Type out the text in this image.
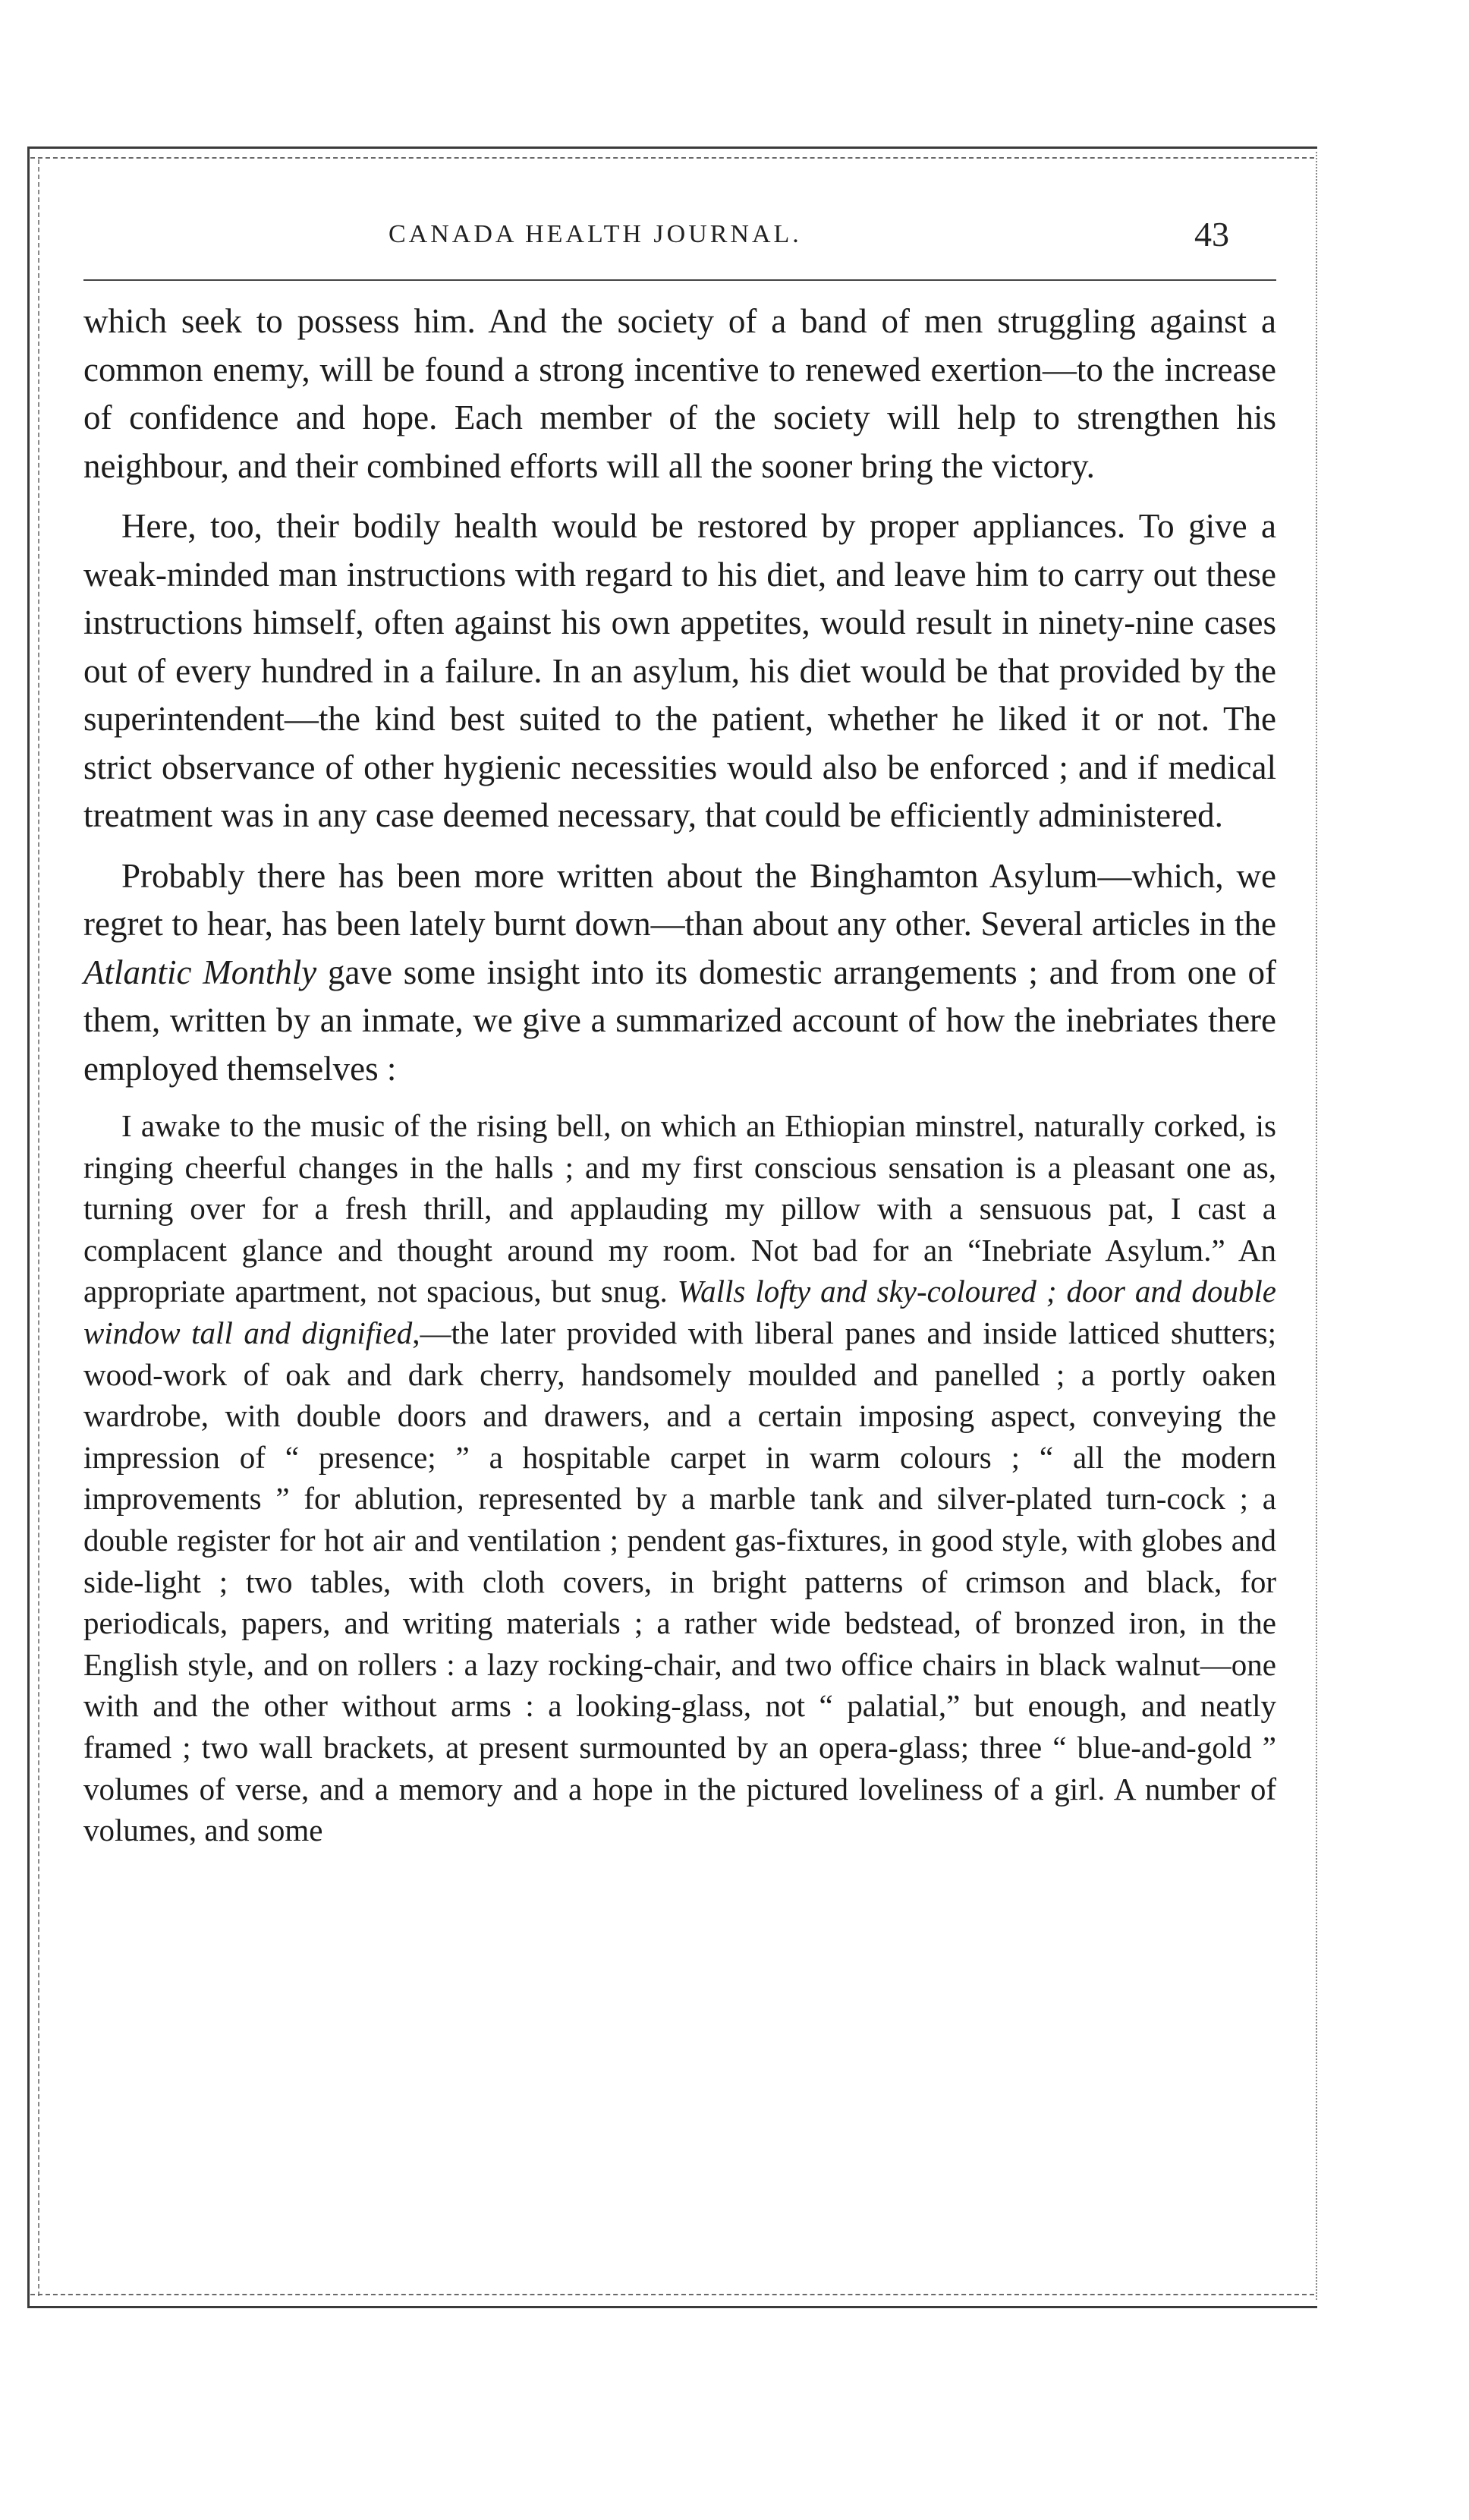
CANADA HEALTH JOURNAL.	43

which seek to possess him. And the society of a band of men struggling against a common enemy, will be found a strong incentive to renewed exertion—to the increase of confidence and hope. Each member of the society will help to strengthen his neighbour, and their combined efforts will all the sooner bring the victory.

Here, too, their bodily health would be restored by proper appliances. To give a weak-minded man instructions with regard to his diet, and leave him to carry out these instructions himself, often against his own appetites, would result in ninety-nine cases out of every hundred in a failure. In an asylum, his diet would be that provided by the superintendent—the kind best suited to the patient, whether he liked it or not. The strict observance of other hygienic necessities would also be enforced ; and if medical treatment was in any case deemed necessary, that could be efficiently administered.

Probably there has been more written about the Binghamton Asylum—which, we regret to hear, has been lately burnt down—than about any other. Several articles in the Atlantic Monthly gave some insight into its domestic arrangements ; and from one of them, written by an inmate, we give a summarized account of how the inebriates there employed themselves :

I awake to the music of the rising bell, on which an Ethiopian minstrel, naturally corked, is ringing cheerful changes in the halls ; and my first conscious sensation is a pleasant one as, turning over for a fresh thrill, and applauding my pillow with a sensuous pat, I cast a complacent glance and thought around my room. Not bad for an “Inebriate Asylum.” An appropriate apartment, not spacious, but snug. Walls lofty and sky-coloured ; door and double window tall and dignified,—the later provided with liberal panes and inside latticed shutters; wood-work of oak and dark cherry, handsomely moulded and panelled ; a portly oaken wardrobe, with double doors and drawers, and a certain imposing aspect, conveying the impression of “ presence; ” a hospitable carpet in warm colours ; “ all the modern improvements ” for ablution, represented by a marble tank and silver-plated turn-cock ; a double register for hot air and ventilation ; pendent gas-fixtures, in good style, with globes and side-light ; two tables, with cloth covers, in bright patterns of crimson and black, for periodicals, papers, and writing materials ; a rather wide bedstead, of bronzed iron, in the English style, and on rollers : a lazy rocking-chair, and two office chairs in black walnut—one with and the other without arms : a looking-glass, not “ palatial,” but enough, and neatly framed ; two wall brackets, at present surmounted by an opera-glass; three “ blue-and-gold ” volumes of verse, and a memory and a hope in the pictured loveliness of a girl. A number of volumes, and some
